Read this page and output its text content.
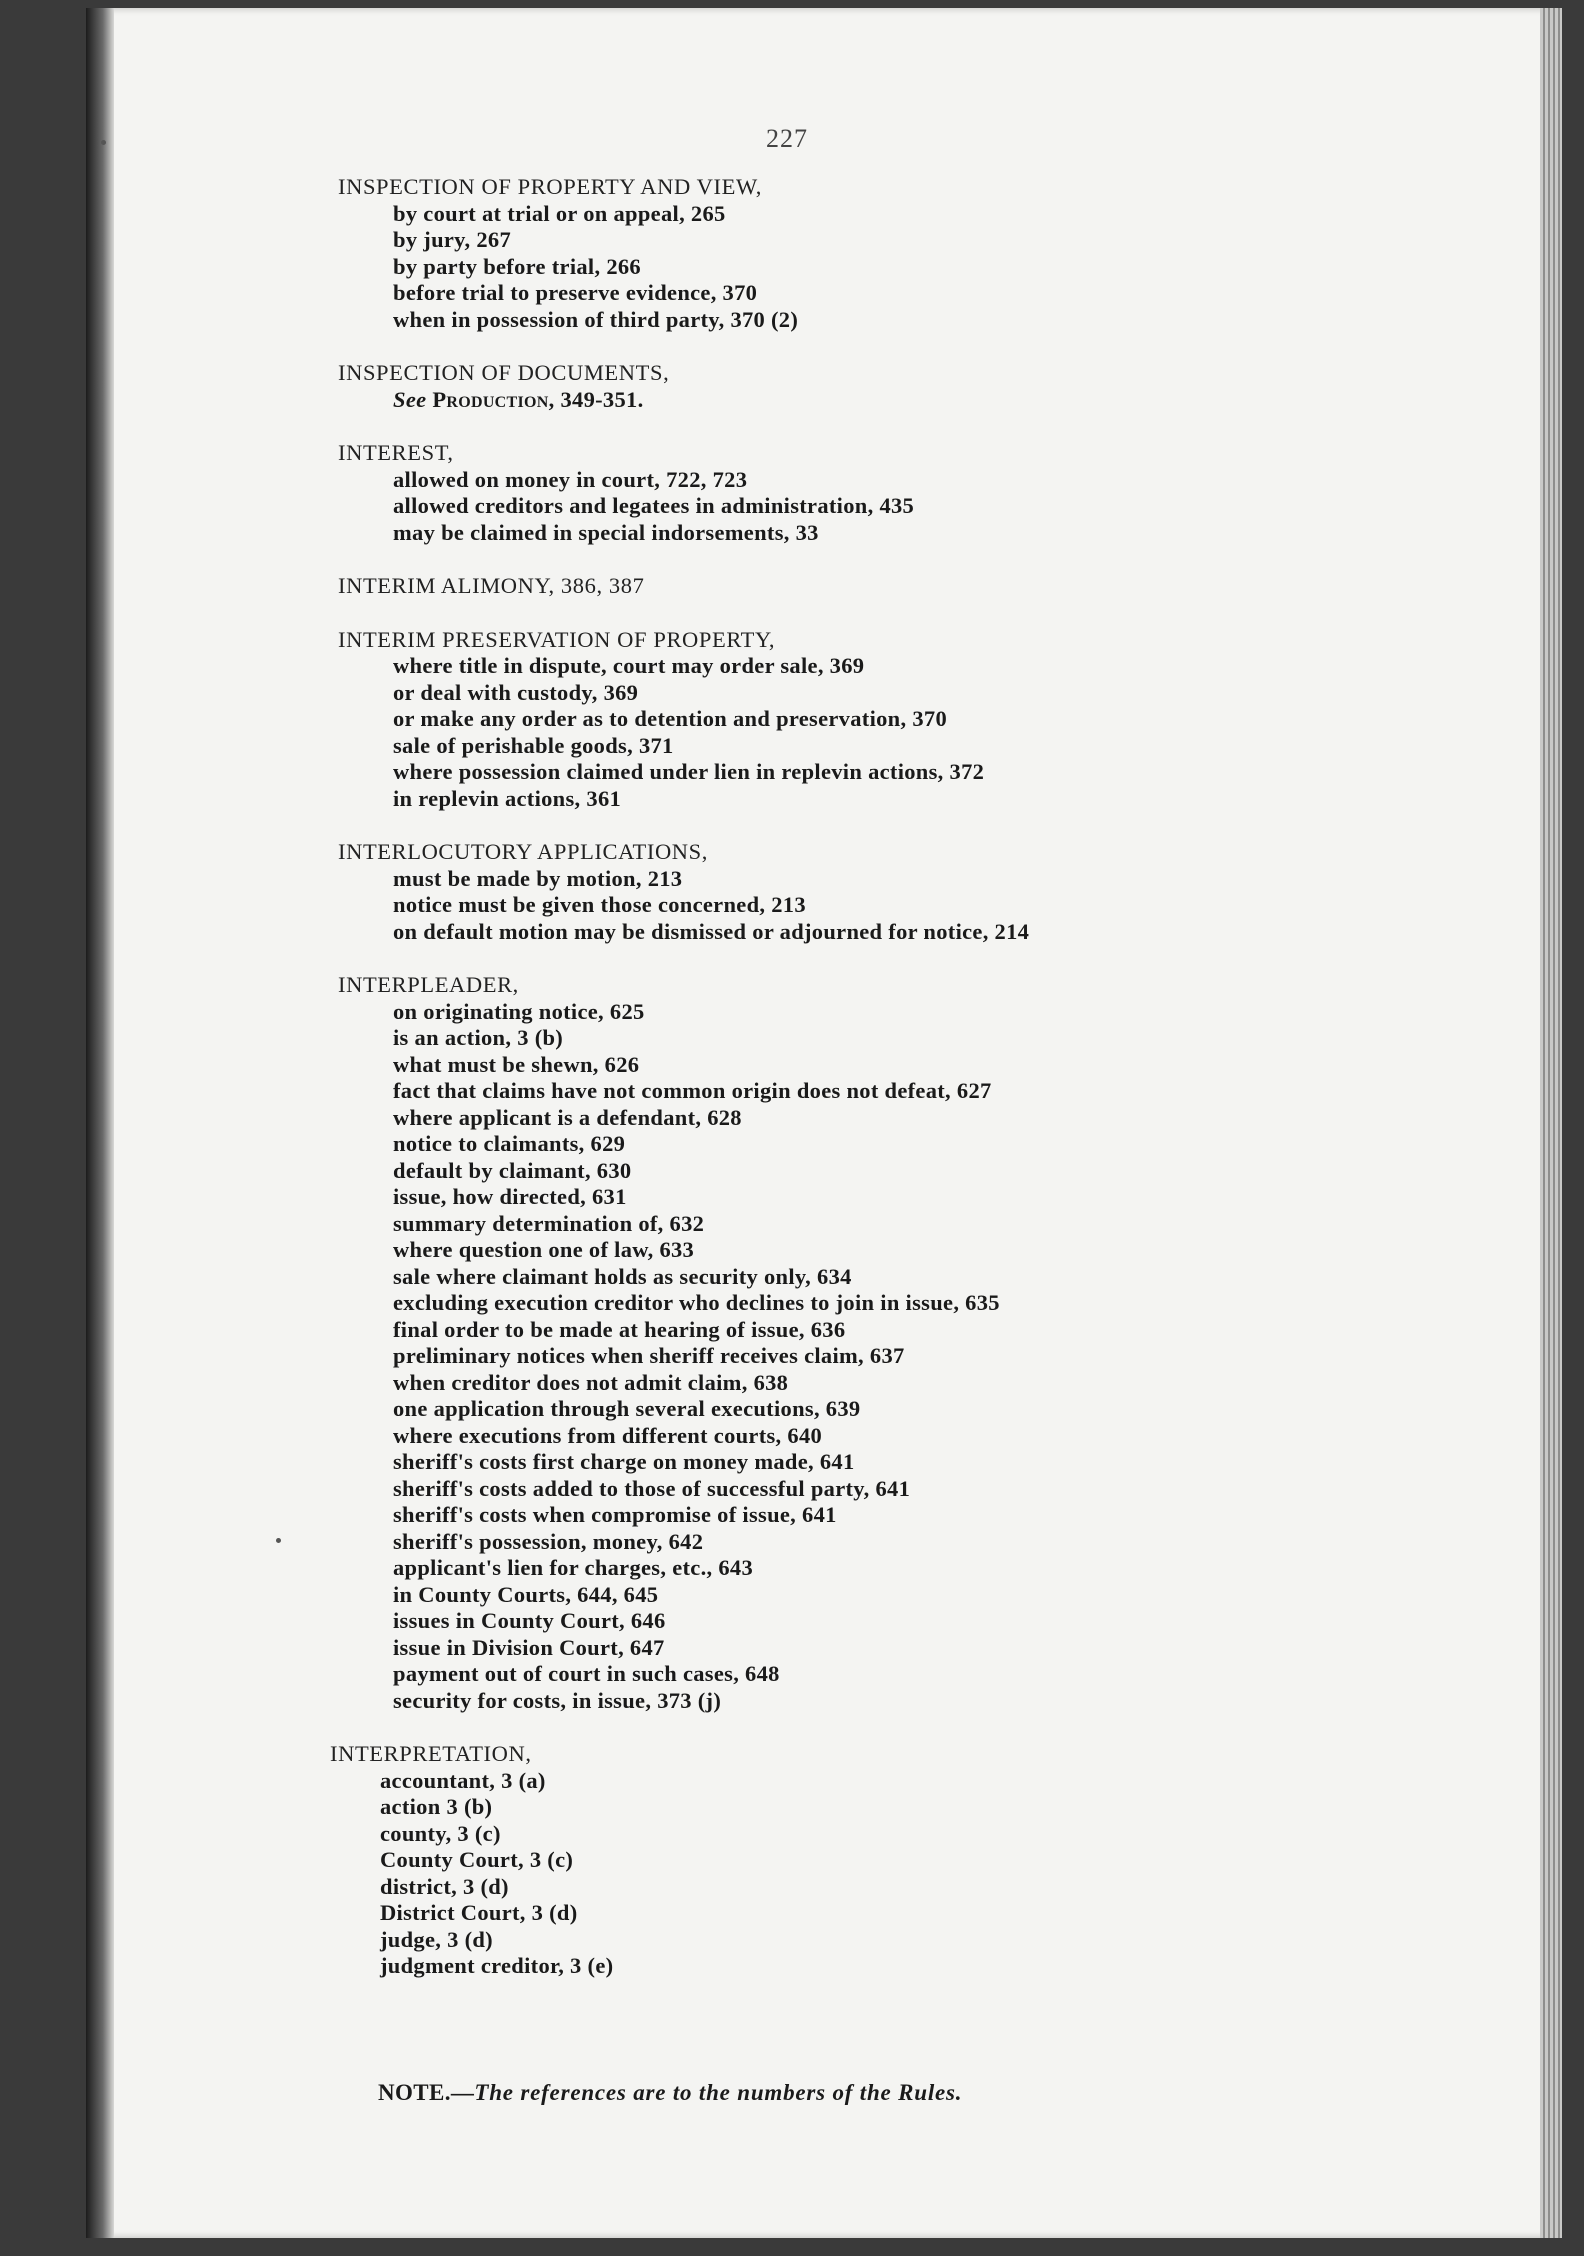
227
INSPECTION OF PROPERTY AND VIEW,
by court at trial or on appeal, 265
by jury, 267
by party before trial, 266
before trial to preserve evidence, 370
when in possession of third party, 370 (2)
INSPECTION OF DOCUMENTS,
See Production, 349-351.
INTEREST,
allowed on money in court, 722, 723
allowed creditors and legatees in administration, 435
may be claimed in special indorsements, 33
INTERIM ALIMONY, 386, 387
INTERIM PRESERVATION OF PROPERTY,
where title in dispute, court may order sale, 369
or deal with custody, 369
or make any order as to detention and preservation, 370
sale of perishable goods, 371
where possession claimed under lien in replevin actions, 372
in replevin actions, 361
INTERLOCUTORY APPLICATIONS,
must be made by motion, 213
notice must be given those concerned, 213
on default motion may be dismissed or adjourned for notice, 214
INTERPLEADER,
on originating notice, 625
is an action, 3 (b)
what must be shewn, 626
fact that claims have not common origin does not defeat, 627
where applicant is a defendant, 628
notice to claimants, 629
default by claimant, 630
issue, how directed, 631
summary determination of, 632
where question one of law, 633
sale where claimant holds as security only, 634
excluding execution creditor who declines to join in issue, 635
final order to be made at hearing of issue, 636
preliminary notices when sheriff receives claim, 637
when creditor does not admit claim, 638
one application through several executions, 639
where executions from different courts, 640
sheriff's costs first charge on money made, 641
sheriff's costs added to those of successful party, 641
sheriff's costs when compromise of issue, 641
sheriff's possession, money, 642
applicant's lien for charges, etc., 643
in County Courts, 644, 645
issues in County Court, 646
issue in Division Court, 647
payment out of court in such cases, 648
security for costs, in issue, 373 (j)
INTERPRETATION,
accountant, 3 (a)
action 3 (b)
county, 3 (c)
County Court, 3 (c)
district, 3 (d)
District Court, 3 (d)
judge, 3 (d)
judgment creditor, 3 (e)
NOTE.—The references are to the numbers of the Rules.
